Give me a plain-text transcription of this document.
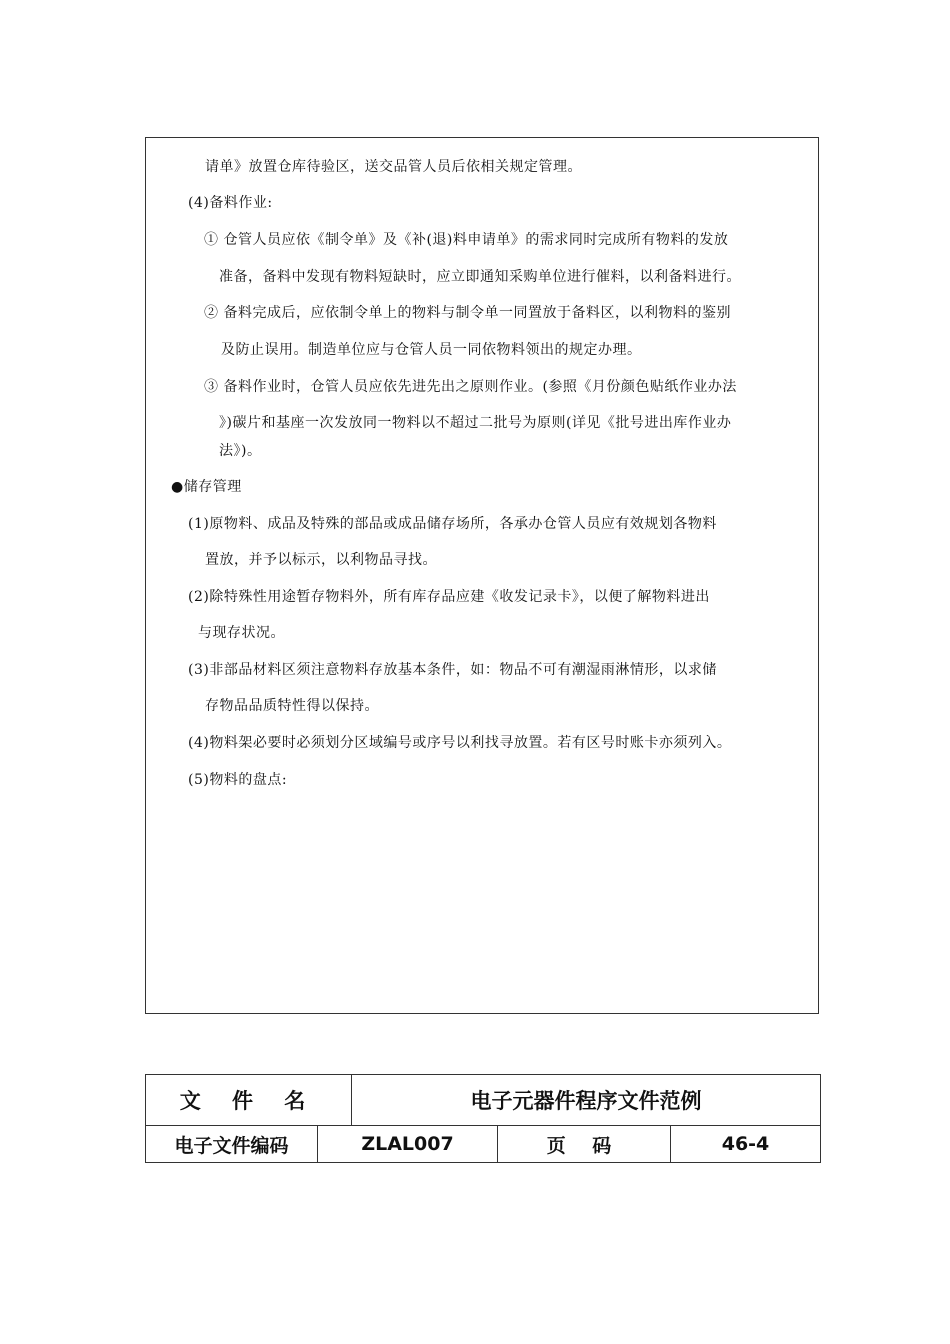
请单》放置仓库待验区，送交品管人员后依相关规定管理。
(4)备料作业:
① 仓管人员应依《制令单》及《补(退)料申请单》的需求同时完成所有物料的发放
准备，备料中发现有物料短缺时，应立即通知采购单位进行催料，以利备料进行。
② 备料完成后，应依制令单上的物料与制令单一同置放于备料区，以利物料的鉴别
及防止误用。制造单位应与仓管人员一同依物料领出的规定办理。
③ 备料作业时，仓管人员应依先进先出之原则作业。(参照《月份颜色贴纸作业办法
》)碳片和基座一次发放同一物料以不超过二批号为原则(详见《批号进出库作业办
法》)。
●储存管理
(1)原物料、成品及特殊的部品或成品储存场所，各承办仓管人员应有效规划各物料
置放，并予以标示，以利物品寻找。
(2)除特殊性用途暂存物料外，所有库存品应建《收发记录卡》，以便了解物料进出
与现存状况。
(3)非部品材料区须注意物料存放基本条件，如：物品不可有潮湿雨淋情形，以求储
存物品品质特性得以保持。
(4)物料架必要时必须划分区域编号或序号以利找寻放置。若有区号时账卡亦须列入。
(5)物料的盘点:
文 件 名		电子元器件程序文件范例		
电子文件编码	ZLAL007		页 码	46-4
